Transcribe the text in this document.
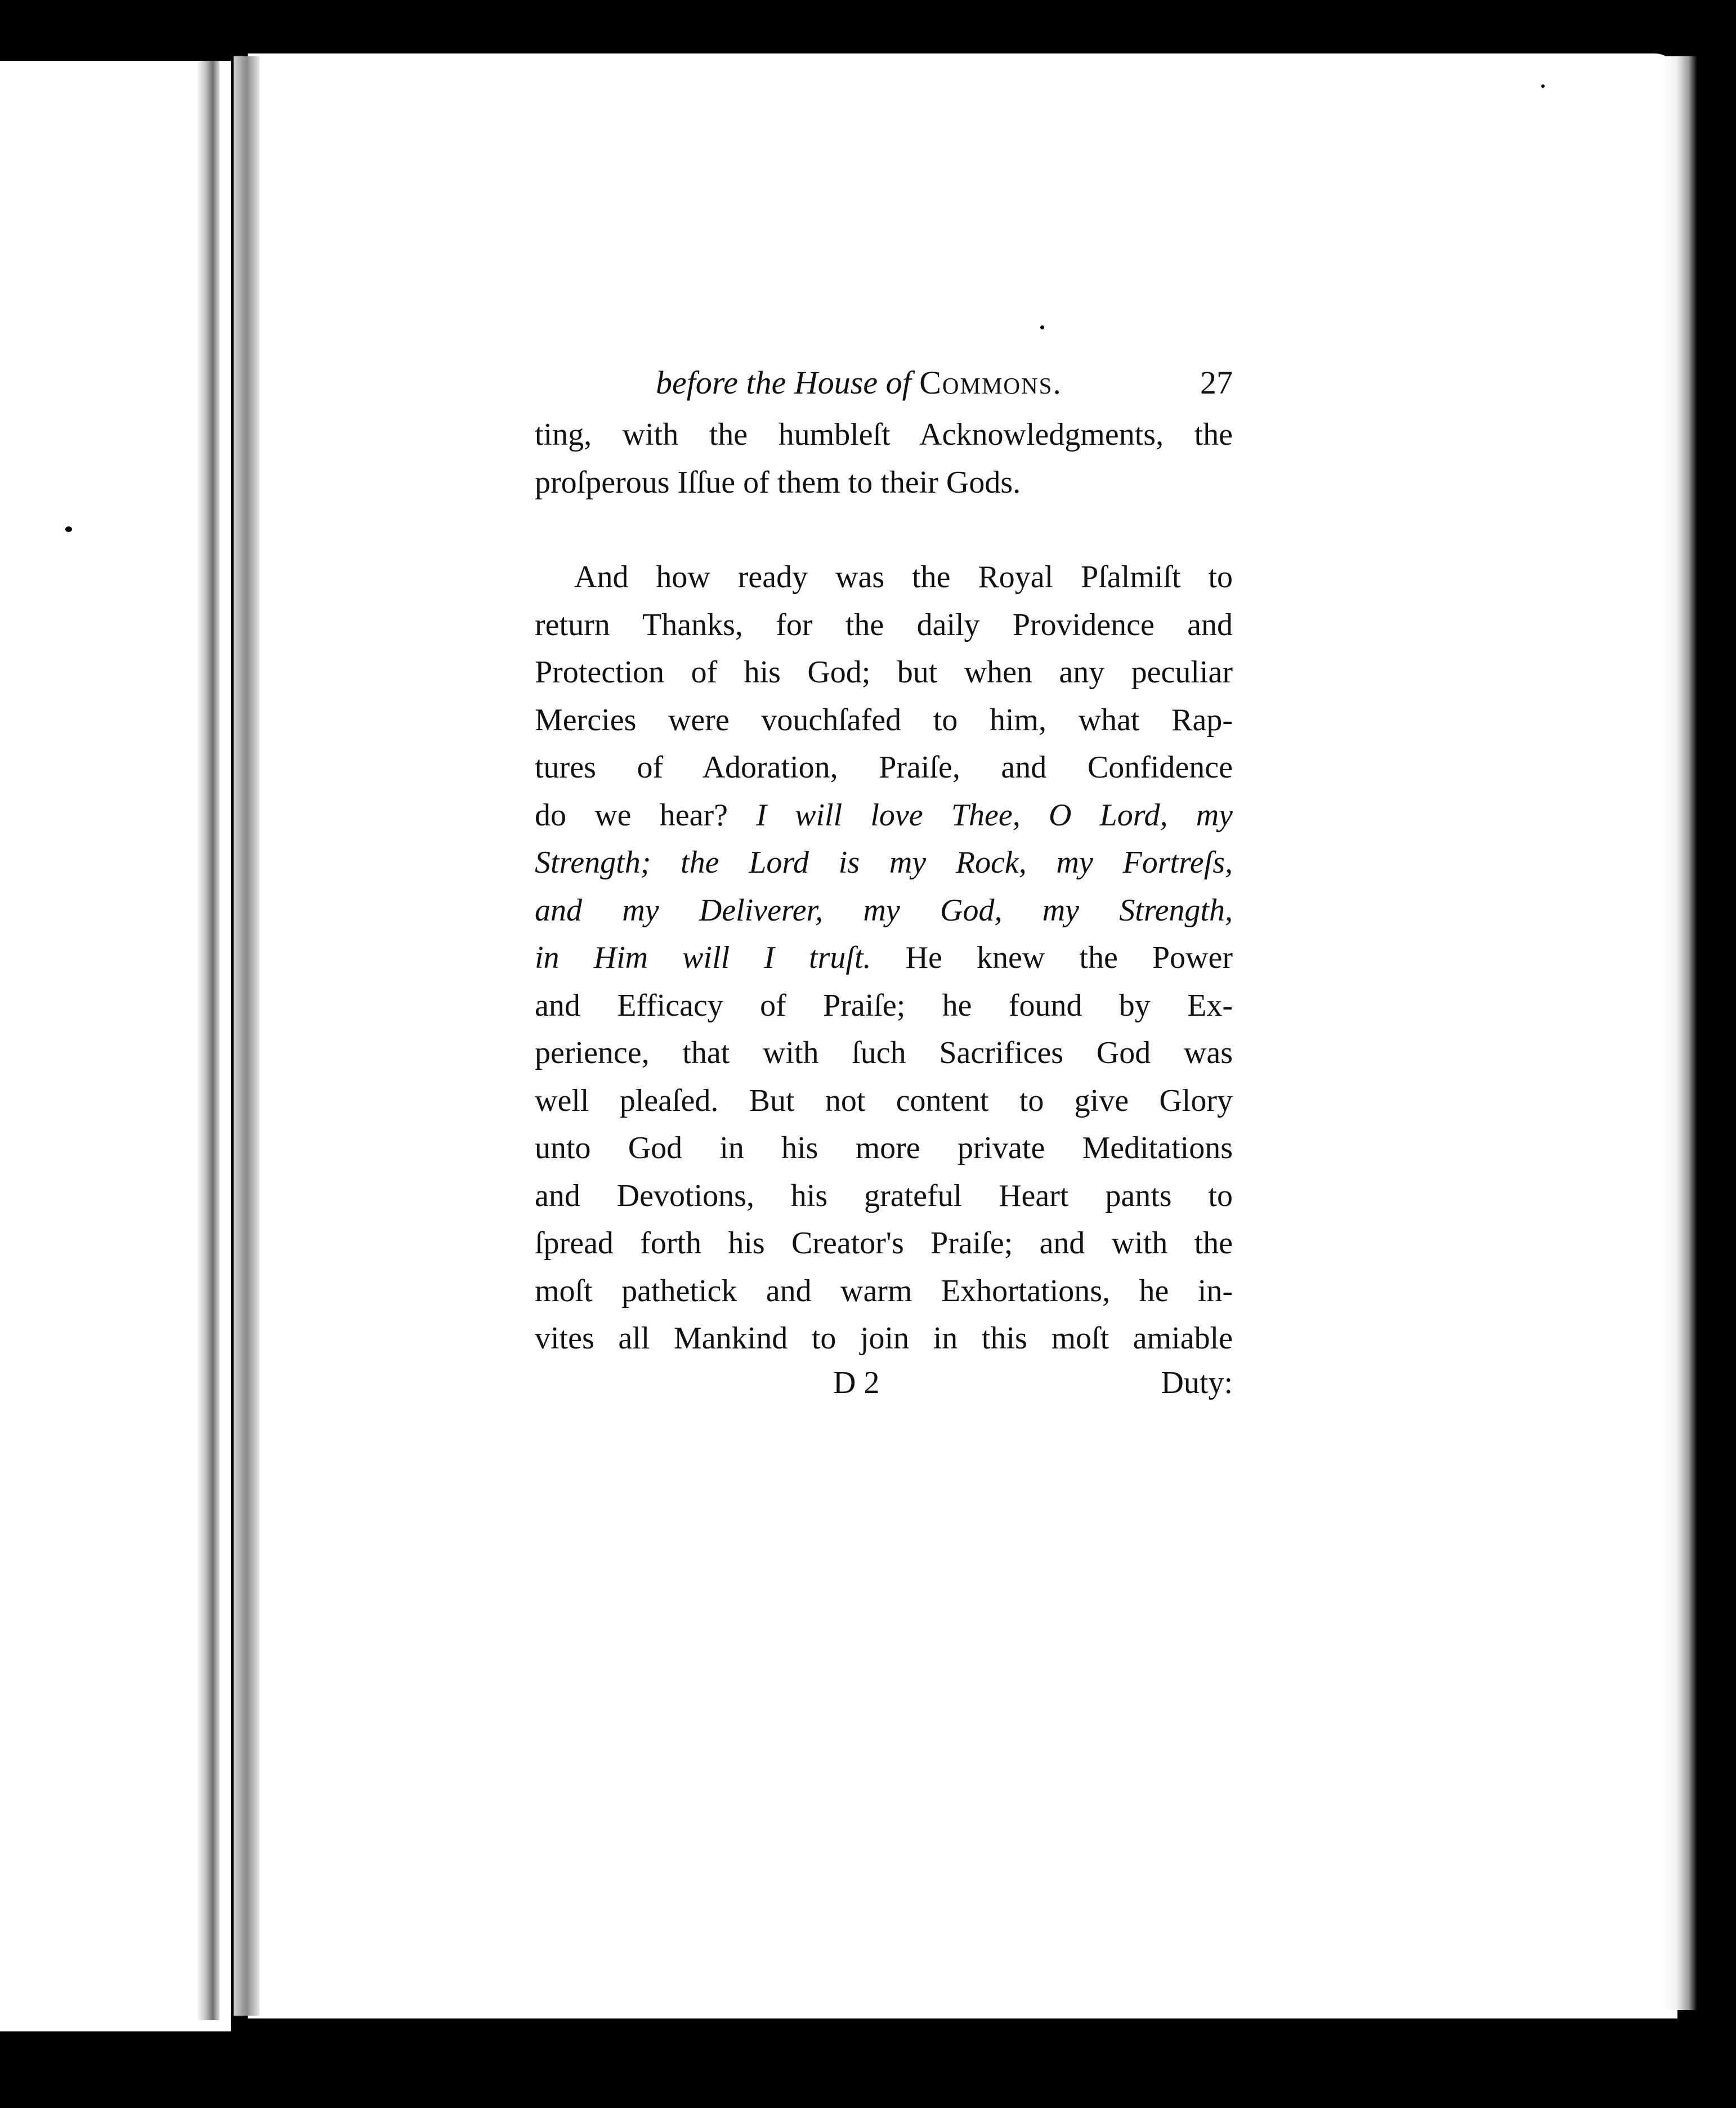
before the House of Commons.	27
ting, with the humbleſt Acknowledgments, the
proſperous Iſſue of them to their Gods.
And how ready was the Royal Pſalmiſt to
return Thanks, for the daily Providence and
Protection of his God; but when any peculiar
Mercies were vouchſafed to him, what Rap-
tures of Adoration, Praiſe, and Confidence
do we hear? I will love Thee, O Lord, my
Strength; the Lord is my Rock, my Fortreſs,
and my Deliverer, my God, my Strength,
in Him will I truſt. He knew the Power
and Efficacy of Praiſe; he found by Ex-
perience, that with ſuch Sacrifices God was
well pleaſed. But not content to give Glory
unto God in his more private Meditations
and Devotions, his grateful Heart pants to
ſpread forth his Creator's Praiſe; and with the
moſt pathetick and warm Exhortations, he in-
vites all Mankind to join in this moſt amiable
D 2	Duty:
